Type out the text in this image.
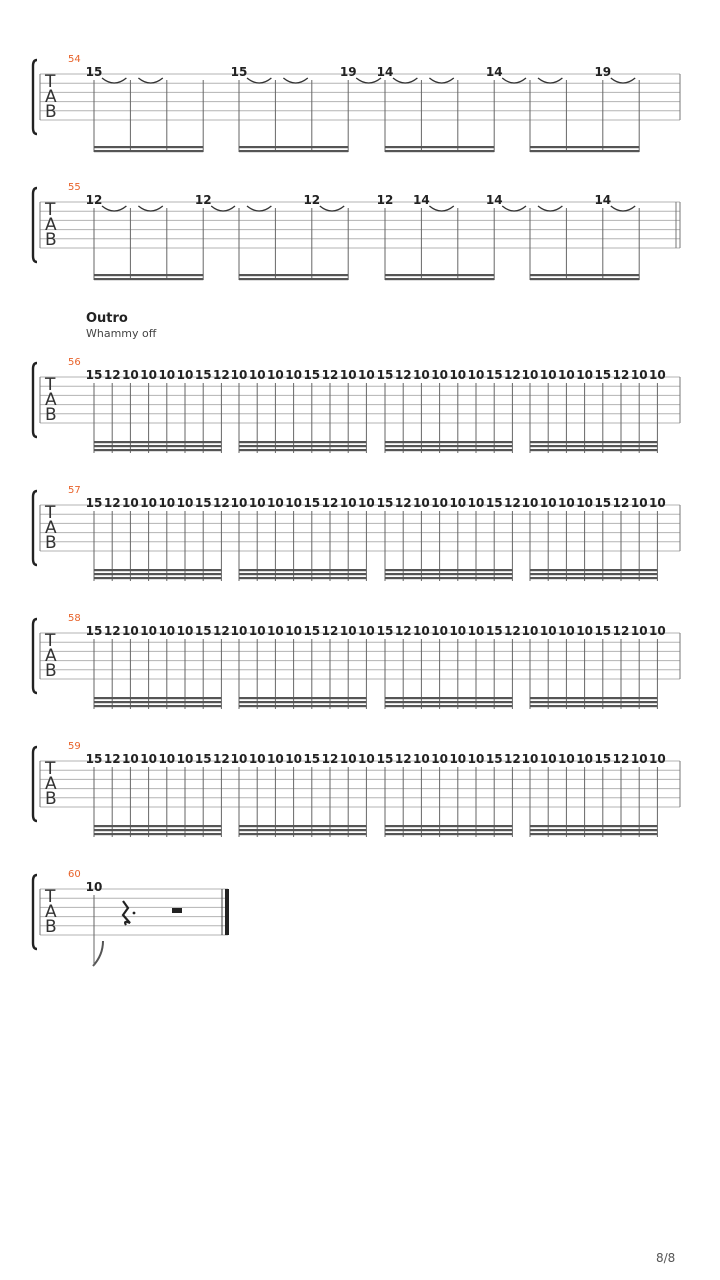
Outro
Whammy off
8/8
T
A
B
54
15	15	19 14	14	19
T
A
B
55
12	12	12	12 14	14	14
T
A
B
56
15 12 10 10 10 10 15 12 10 10 10 10 15 12 10 10 15 12 10 10 10 10 15 12 10 10 10 10 15 12 10 10
T
A
B
57
15 12 10 10 10 10 15 12 10 10 10 10 15 12 10 10 15 12 10 10 10 10 15 12 10 10 10 10 15 12 10 10
T
A
B
58
15 12 10 10 10 10 15 12 10 10 10 10 15 12 10 10 15 12 10 10 10 10 15 12 10 10 10 10 15 12 10 10
T
A
B
59
15 12 10 10 10 10 15 12 10 10 10 10 15 12 10 10 15 12 10 10 10 10 15 12 10 10 10 10 15 12 10 10
T
A
B
60
10
